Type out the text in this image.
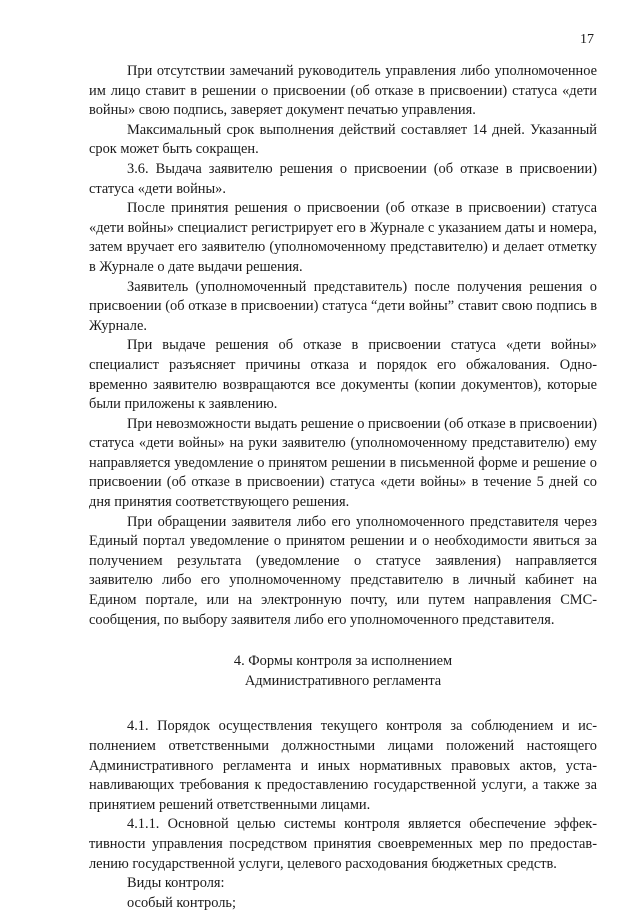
17

При отсутствии замечаний руководитель управления либо уполномоченное им лицо ставит в решении о присвоении (об отказе в присвоении) статуса «дети войны» свою подпись, заверяет документ печатью управления.

Максимальный срок выполнения действий составляет 14 дней. Указанный срок может быть сокращен.

3.6. Выдача заявителю решения о присвоении (об отказе в присвоении) статуса «дети войны».

После принятия решения о присвоении (об отказе в присвоении) статуса «дети войны» специалист регистрирует его в Журнале с указанием даты и номера, затем вручает его заявителю (уполномоченному представителю) и делает отметку в Журнале о дате выдачи решения.

Заявитель (уполномоченный представитель) после получения решения о присвоении (об отказе в присвоении) статуса “дети войны” ставит свою подпись в Журнале.

При выдаче решения об отказе в присвоении статуса «дети войны» специалист разъясняет причины отказа и порядок его обжалования. Одновременно заявителю возвращаются все документы (копии документов), которые были приложены к заявлению.

При невозможности выдать решение о присвоении (об отказе в присвоении) статуса «дети войны» на руки заявителю (уполномоченному представителю) ему направляется уведомление о принятом решении в письменной форме и решение о присвоении (об отказе в присвоении) статуса «дети войны» в течение 5 дней со дня принятия соответствующего решения.

При обращении заявителя либо его уполномоченного представителя через Единый портал уведомление о принятом решении и о необходимости явиться за получением результата (уведомление о статусе заявления) направляется заявителю либо его уполномоченному представителю в личный кабинет на Едином портале, или на электронную почту, или путем направления СМС-сообщения, по выбору заявителя либо его уполномоченного представителя.

4. Формы контроля за исполнением
Административного регламента

4.1. Порядок осуществления текущего контроля за соблюдением и исполнением ответственными должностными лицами положений настоящего Административного регламента и иных нормативных правовых актов, устанавливающих требования к предоставлению государственной услуги, а также за принятием решений ответственными лицами.

4.1.1. Основной целью системы контроля является обеспечение эффективности управления посредством принятия своевременных мер по предоставлению государственной услуги, целевого расходования бюджетных средств.

Виды контроля:

особый контроль;
